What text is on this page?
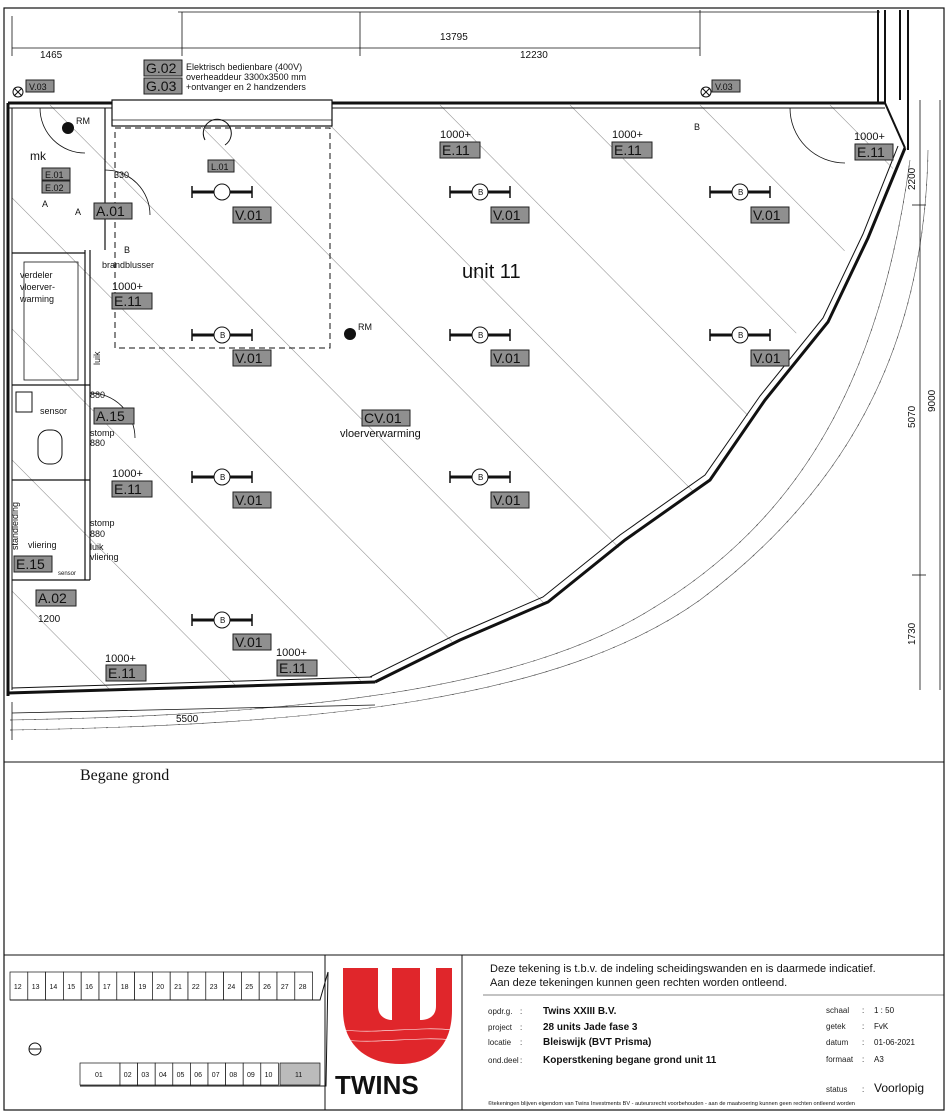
13795
1465	12230
G.02
G.03
Elektrisch bedienbare (400V)
overheaddeur 3300x3500 mm
+ontvanger en 2 handzenders
V.03	V.03
L.01
330
RM
mk
E.01
E.02
A
A A.01
B
brandblusser
verdeler
vloerver-
warming
luik
1000+
E.11
880
A.15
stomp
880
sensor
1000+
E.11
standleiding	stomp
880
vliering	luik
vliering
sensor
E.15
A.02
1200
1000+
E.11
1000+
E.11
1000+
E.11
B
B	B
B	B	B
B	B
B
V.01	V.01	V.01
V.01	V.01	V.01
V.01	V.01
V.01
unit 11
RM
CV.01
vloerverwarming
1000+
E.11
1000+
E.11
5500
9000
2200
5070
1730
Begane grond
12 13 14 15 16 17 18 19 20 21 22 23 24 25 26 27 28
01	02 03 04 05 06 07 08 09 10	11 TWINS
Deze tekening is t.b.v. de indeling scheidingswanden en is daarmede indicatief.
Aan deze tekeningen kunnen geen rechten worden ontleend.
opdr.g. : Twins XXIII B.V.
project : 28 units Jade fase 3
locatie : Bleiswijk (BVT Prisma)
ond.deel : Koperstkening begane grond unit 11
schaal : 1 : 50
getek : FvK
datum : 01-06-2021
formaat : A3
status : Voorlopig
©tekeningen blijven eigendom van Twins Investments BV - auteursrecht voorbehouden - aan de maatvoering kunnen geen rechten ontleend worden
